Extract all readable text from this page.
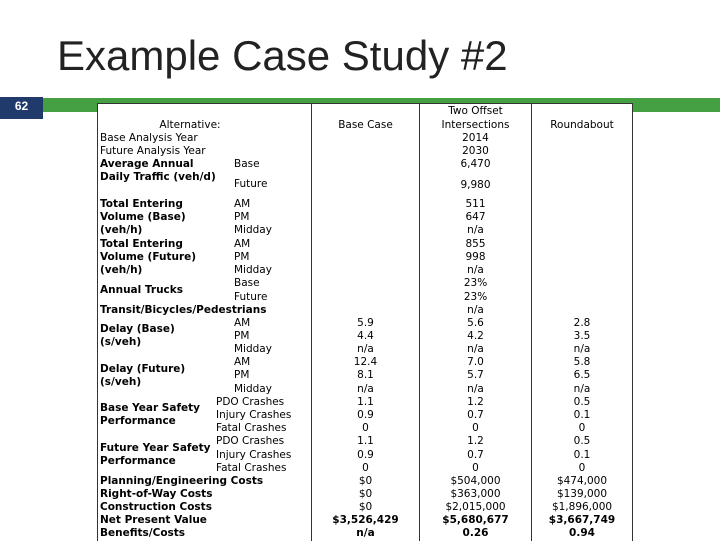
Example Case Study #2
62
Alternative:	Base Case
Two Offset
Intersections	Roundabout
Base Analysis Year
Future Analysis Year
Average Annual Daily Traffic (veh/d)
Total Entering Volume (Base) (veh/h)
Total Entering Volume (Future) (veh/h)
Annual Trucks
Transit/Bicycles/Pedestrians
Delay (Base) (s/veh)
Delay (Future) (s/veh)
Base Year Safety Performance
Future Year Safety Performance
Planning/Engineering Costs
Right-of-Way Costs
Construction Costs
Net Present Value
Benefits/Costs
Base
Future
AM
PM
Midday
AM
PM
Midday
Base
Future
AM
PM
Midday
AM
PM
Midday
PDO Crashes
Injury Crashes
Fatal Crashes
PDO Crashes
Injury Crashes
Fatal Crashes
2014
2030
6,470
9,980
511
647
n/a
855
998
n/a
23%
23%
n/a
5.6
4.2
n/a
7.0
5.7
n/a
1.2
0.7
0
1.2
0.7
0
$504,000
$363,000
$2,015,000
$5,680,677
0.26
5.9
4.4
n/a
12.4
8.1
n/a
1.1
0.9
0
1.1
0.9
0
$0
$0
$0
$3,526,429
n/a
2.8
3.5
n/a
5.8
6.5
n/a
0.5
0.1
0
0.5
0.1
0
$474,000
$139,000
$1,896,000
$3,667,749
0.94
